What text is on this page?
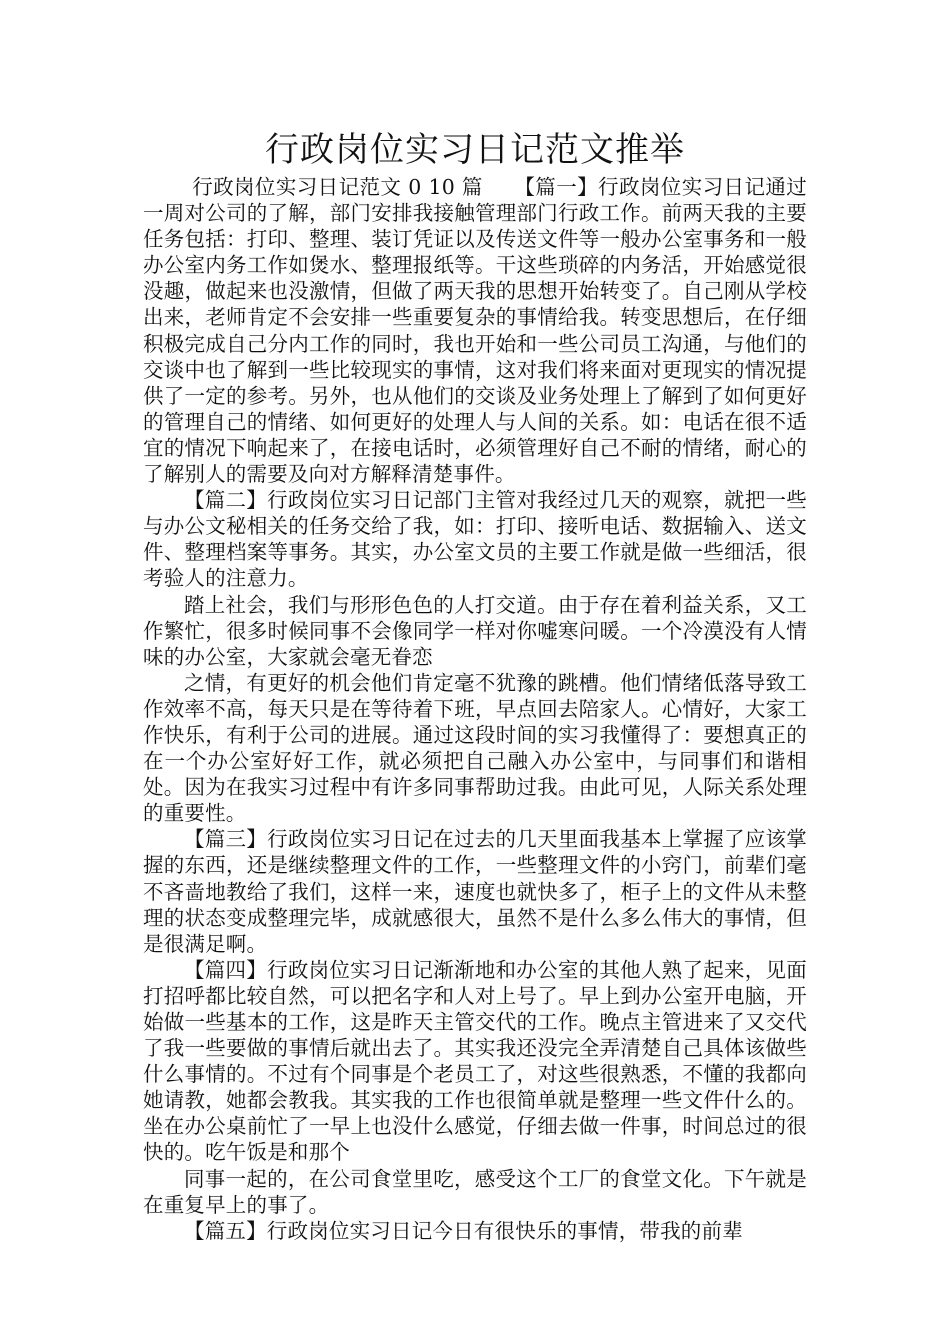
行政岗位实习日记范文推举

行政岗位实习日记范文 0 10 篇　　【篇一】行政岗位实习日记通过一周对公司的了解，部门安排我接触管理部门行政工作。前两天我的主要任务包括：打印、整理、装订凭证以及传送文件等一般办公室事务和一般办公室内务工作如煲水、整理报纸等。干这些琐碎的内务活，开始感觉很没趣，做起来也没激情，但做了两天我的思想开始转变了。自己刚从学校出来，老师肯定不会安排一些重要复杂的事情给我。转变思想后，在仔细积极完成自己分内工作的同时，我也开始和一些公司员工沟通，与他们的交谈中也了解到一些比较现实的事情，这对我们将来面对更现实的情况提供了一定的参考。另外，也从他们的交谈及业务处理上了解到了如何更好的管理自己的情绪、如何更好的处理人与人间的关系。如：电话在很不适宜的情况下响起来了，在接电话时，必须管理好自己不耐的情绪，耐心的了解别人的需要及向对方解释清楚事件。

【篇二】行政岗位实习日记部门主管对我经过几天的观察，就把一些与办公文秘相关的任务交给了我，如：打印、接听电话、数据输入、送文件、整理档案等事务。其实，办公室文员的主要工作就是做一些细活，很考验人的注意力。

踏上社会，我们与形形色色的人打交道。由于存在着利益关系，又工作繁忙，很多时候同事不会像同学一样对你嘘寒问暖。一个冷漠没有人情味的办公室，大家就会毫无眷恋

之情，有更好的机会他们肯定毫不犹豫的跳槽。他们情绪低落导致工作效率不高，每天只是在等待着下班，早点回去陪家人。心情好，大家工作快乐，有利于公司的进展。通过这段时间的实习我懂得了：要想真正的在一个办公室好好工作，就必须把自己融入办公室中，与同事们和谐相处。因为在我实习过程中有许多同事帮助过我。由此可见，人际关系处理的重要性。

【篇三】行政岗位实习日记在过去的几天里面我基本上掌握了应该掌握的东西，还是继续整理文件的工作，一些整理文件的小窍门，前辈们毫不吝啬地教给了我们，这样一来，速度也就快多了，柜子上的文件从未整理的状态变成整理完毕，成就感很大，虽然不是什么多么伟大的事情，但是很满足啊。

【篇四】行政岗位实习日记渐渐地和办公室的其他人熟了起来，见面打招呼都比较自然，可以把名字和人对上号了。早上到办公室开电脑，开始做一些基本的工作，这是昨天主管交代的工作。晚点主管进来了又交代了我一些要做的事情后就出去了。其实我还没完全弄清楚自己具体该做些什么事情的。不过有个同事是个老员工了，对这些很熟悉，不懂的我都向她请教，她都会教我。其实我的工作也很简单就是整理一些文件什么的。坐在办公桌前忙了一早上也没什么感觉，仔细去做一件事，时间总过的很快的。吃午饭是和那个

同事一起的，在公司食堂里吃，感受这个工厂的食堂文化。下午就是在重复早上的事了。

【篇五】行政岗位实习日记今日有很快乐的事情，带我的前辈
